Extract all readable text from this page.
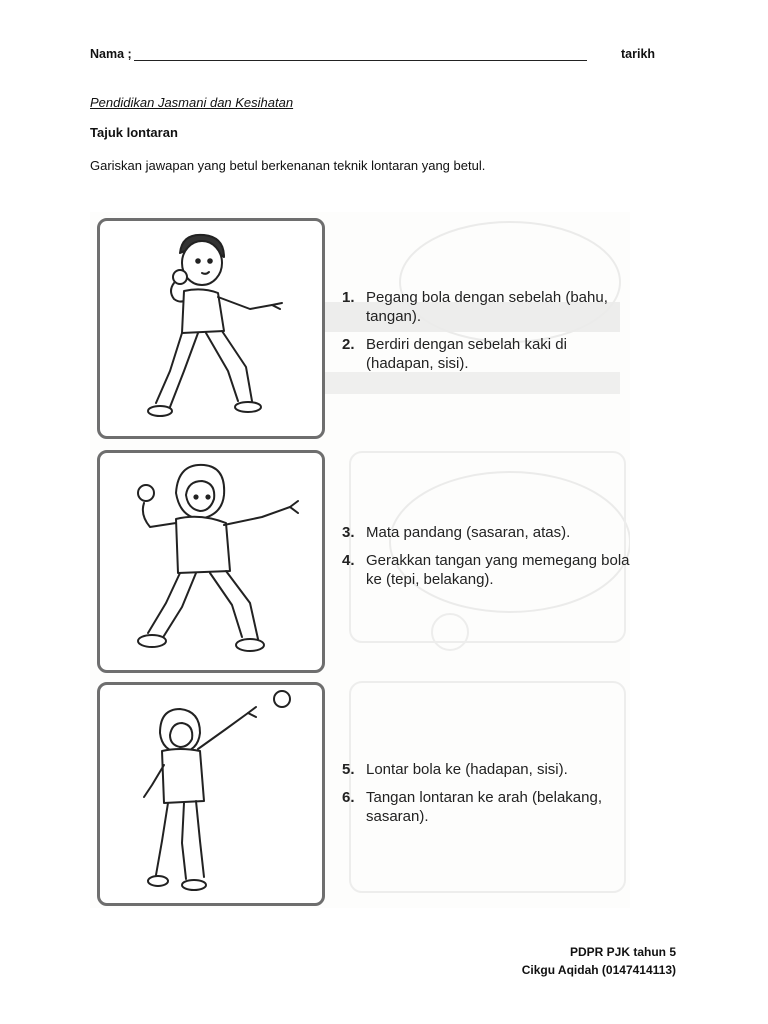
Nama ;	tarikh
Pendidikan Jasmani dan Kesihatan
Tajuk lontaran
Gariskan jawapan yang betul berkenanan teknik lontaran yang betul.
1. Pegang bola dengan sebelah (bahu, tangan).
2. Berdiri dengan sebelah kaki di (hadapan, sisi).
3. Mata pandang (sasaran, atas).
4. Gerakkan tangan yang memegang bola ke (tepi, belakang).
5. Lontar bola ke (hadapan, sisi).
6. Tangan lontaran ke arah (belakang, sasaran).
PDPR PJK tahun 5
Cikgu Aqidah (0147414113)
